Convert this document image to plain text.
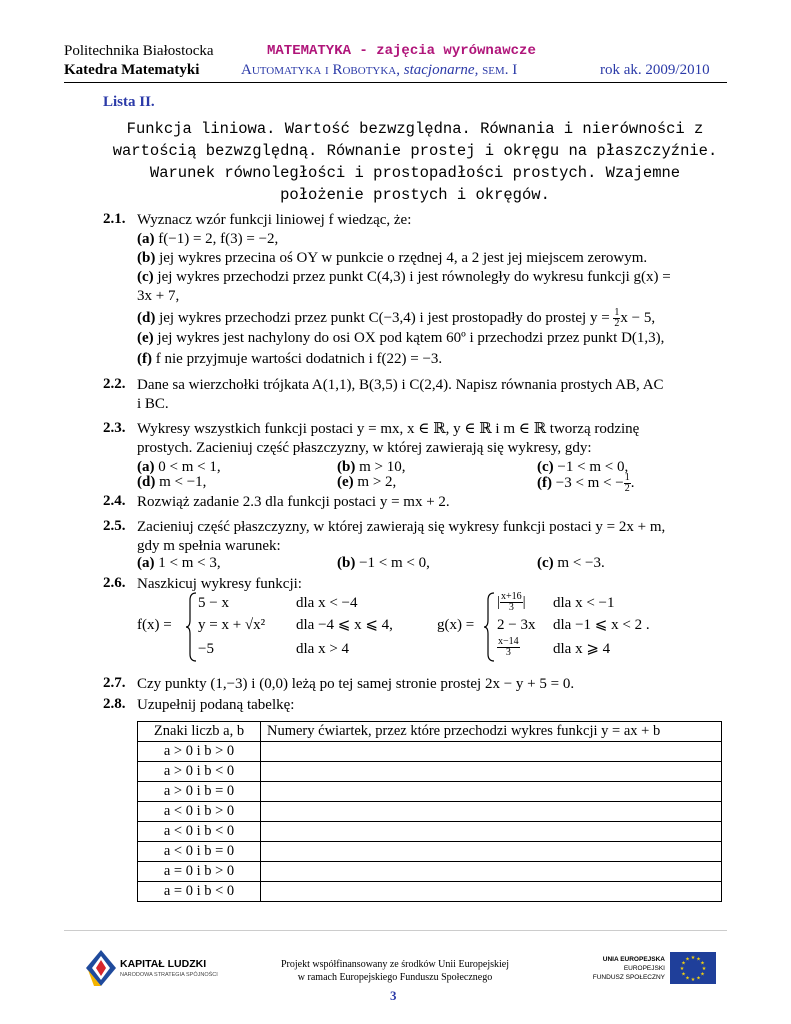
Politechnika Białostocka
Katedra Matematyki
MATEMATYKA - zajęcia wyrównawcze
Automatyka i Robotyka, stacjonarne, sem. I	rok ak. 2009/2010
Lista II.
Funkcja liniowa. Wartość bezwzględna. Równania i nierówności z
wartością bezwzględną. Równanie prostej i okręgu na płaszczyźnie.
Warunek równoległości i prostopadłości prostych. Wzajemne
położenie prostych i okręgów.
2.1. Wyznacz wzór funkcji liniowej f wiedząc, że:
(a) f(−1) = 2, f(3) = −2,
(b) jej wykres przecina oś OY w punkcie o rzędnej 4, a 2 jest jej miejscem zerowym.
(c) jej wykres przechodzi przez punkt C(4,3) i jest równoległy do wykresu funkcji g(x) =
3x + 7,
(d) jej wykres przechodzi przez punkt C(−3,4) i jest prostopadły do prostej $y = \frac{1}{2}$ x − 5,
(e) jej wykres jest nachylony do osi OX pod kątem 60º i przechodzi przez punkt D(1,3),
(f) f nie przyjmuje wartości dodatnich i f(22) = −3.
2.2. Dane sa wierzchołki trójkata A(1,1), B(3,5) i C(2,4). Napisz równania prostych AB, AC
i BC.
2.3. Wykresy wszystkich funkcji postaci y = mx, x ∈ ℝ, y ∈ ℝ i m ∈ ℝ tworzą rodzinę
prostych. Zacieniuj część płaszczyzny, w której zawierają się wykresy, gdy:
(a) 0 < m < 1,	(b) m > 10,	(c) −1 < m < 0,
(d) m < −1,	(e) m > 2,	(f) −3 < m < − $\frac{1}{2}$ .
2.4. Rozwiąż zadanie 2.3 dla funkcji postaci y = mx + 2.
2.5. Zacieniuj część płaszczyzny, w której zawierają się wykresy funkcji postaci y = 2x + m,
gdy m spełnia warunek:
(a) 1 < m < 3,	(b) −1 < m < 0,	(c) m < −3.
2.6. Naszkicuj wykresy funkcji:
f(x) =
5 − x	dla x < −4
y = x + √x² dla −4 ⩽ x ⩽ 4,
−5	dla x > 4
g(x) =
| $\frac{x+16}{3}$ | dla x < −1
2 − 3x dla −1 ⩽ x < 2 .
$\frac{x-14}{3}$ dla x ⩾ 4
2.7. Czy punkty (1,−3) i (0,0) leżą po tej samej stronie prostej 2x − y + 5 = 0.
2.8. Uzupełnij podaną tabelkę:
Znaki liczb a, b	Numery ćwiartek, przez które przechodzi wykres funkcji y = ax + b
a > 0 i b > 0	
a > 0 i b < 0	
a > 0 i b = 0	
a < 0 i b > 0	
a < 0 i b < 0	
a < 0 i b = 0	
a = 0 i b > 0	
a = 0 i b < 0	
KAPITAŁ LUDZKI
NARODOWA STRATEGIA SPÓJNOŚCI
Projekt współfinansowany ze środków Unii Europejskiej
w ramach Europejskiego Funduszu Społecznego
UNIA EUROPEJSKA
EUROPEJSKI
FUNDUSZ SPOŁECZNY
★ ★
★
★
★
★
★
★
★
★
★
★
3
